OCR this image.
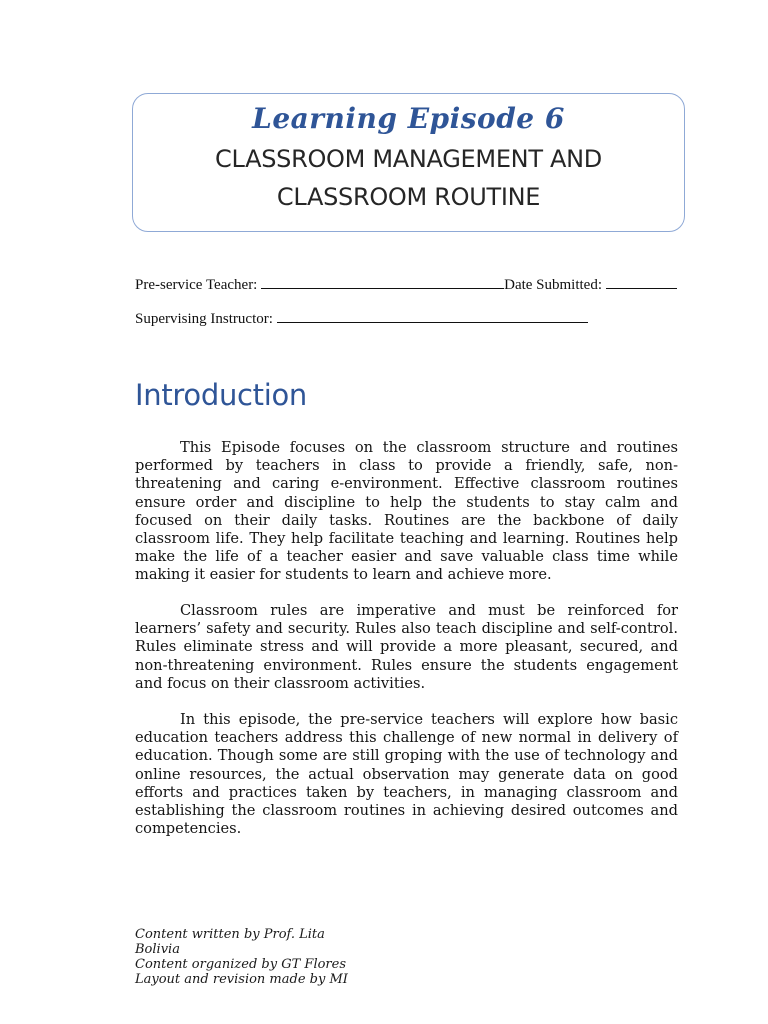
Learning Episode 6
CLASSROOM MANAGEMENT AND
CLASSROOM ROUTINE
Pre-service Teacher:	Date Submitted:
Supervising Instructor:
Introduction

This Episode focuses on the classroom structure and routines performed by teachers in class to provide a friendly, safe, non-threatening and caring e-environment. Effective classroom routines ensure order and discipline to help the students to stay calm and focused on their daily tasks. Routines are the backbone of daily classroom life. They help facilitate teaching and learning. Routines help make the life of a teacher easier and save valuable class time while making it easier for students to learn and achieve more.

Classroom rules are imperative and must be reinforced for learners’ safety and security. Rules also teach discipline and self-control. Rules eliminate stress and will provide a more pleasant, secured, and non-threatening environment. Rules ensure the students engagement and focus on their classroom activities.

In this episode, the pre-service teachers will explore how basic education teachers address this challenge of new normal in delivery of education. Though some are still groping with the use of technology and online resources, the actual observation may generate data on good efforts and practices taken by teachers, in managing classroom and establishing the classroom routines in achieving desired outcomes and competencies.

Content written by Prof. Lita Bolivia
Content organized by GT Flores
Layout and revision made by MI
